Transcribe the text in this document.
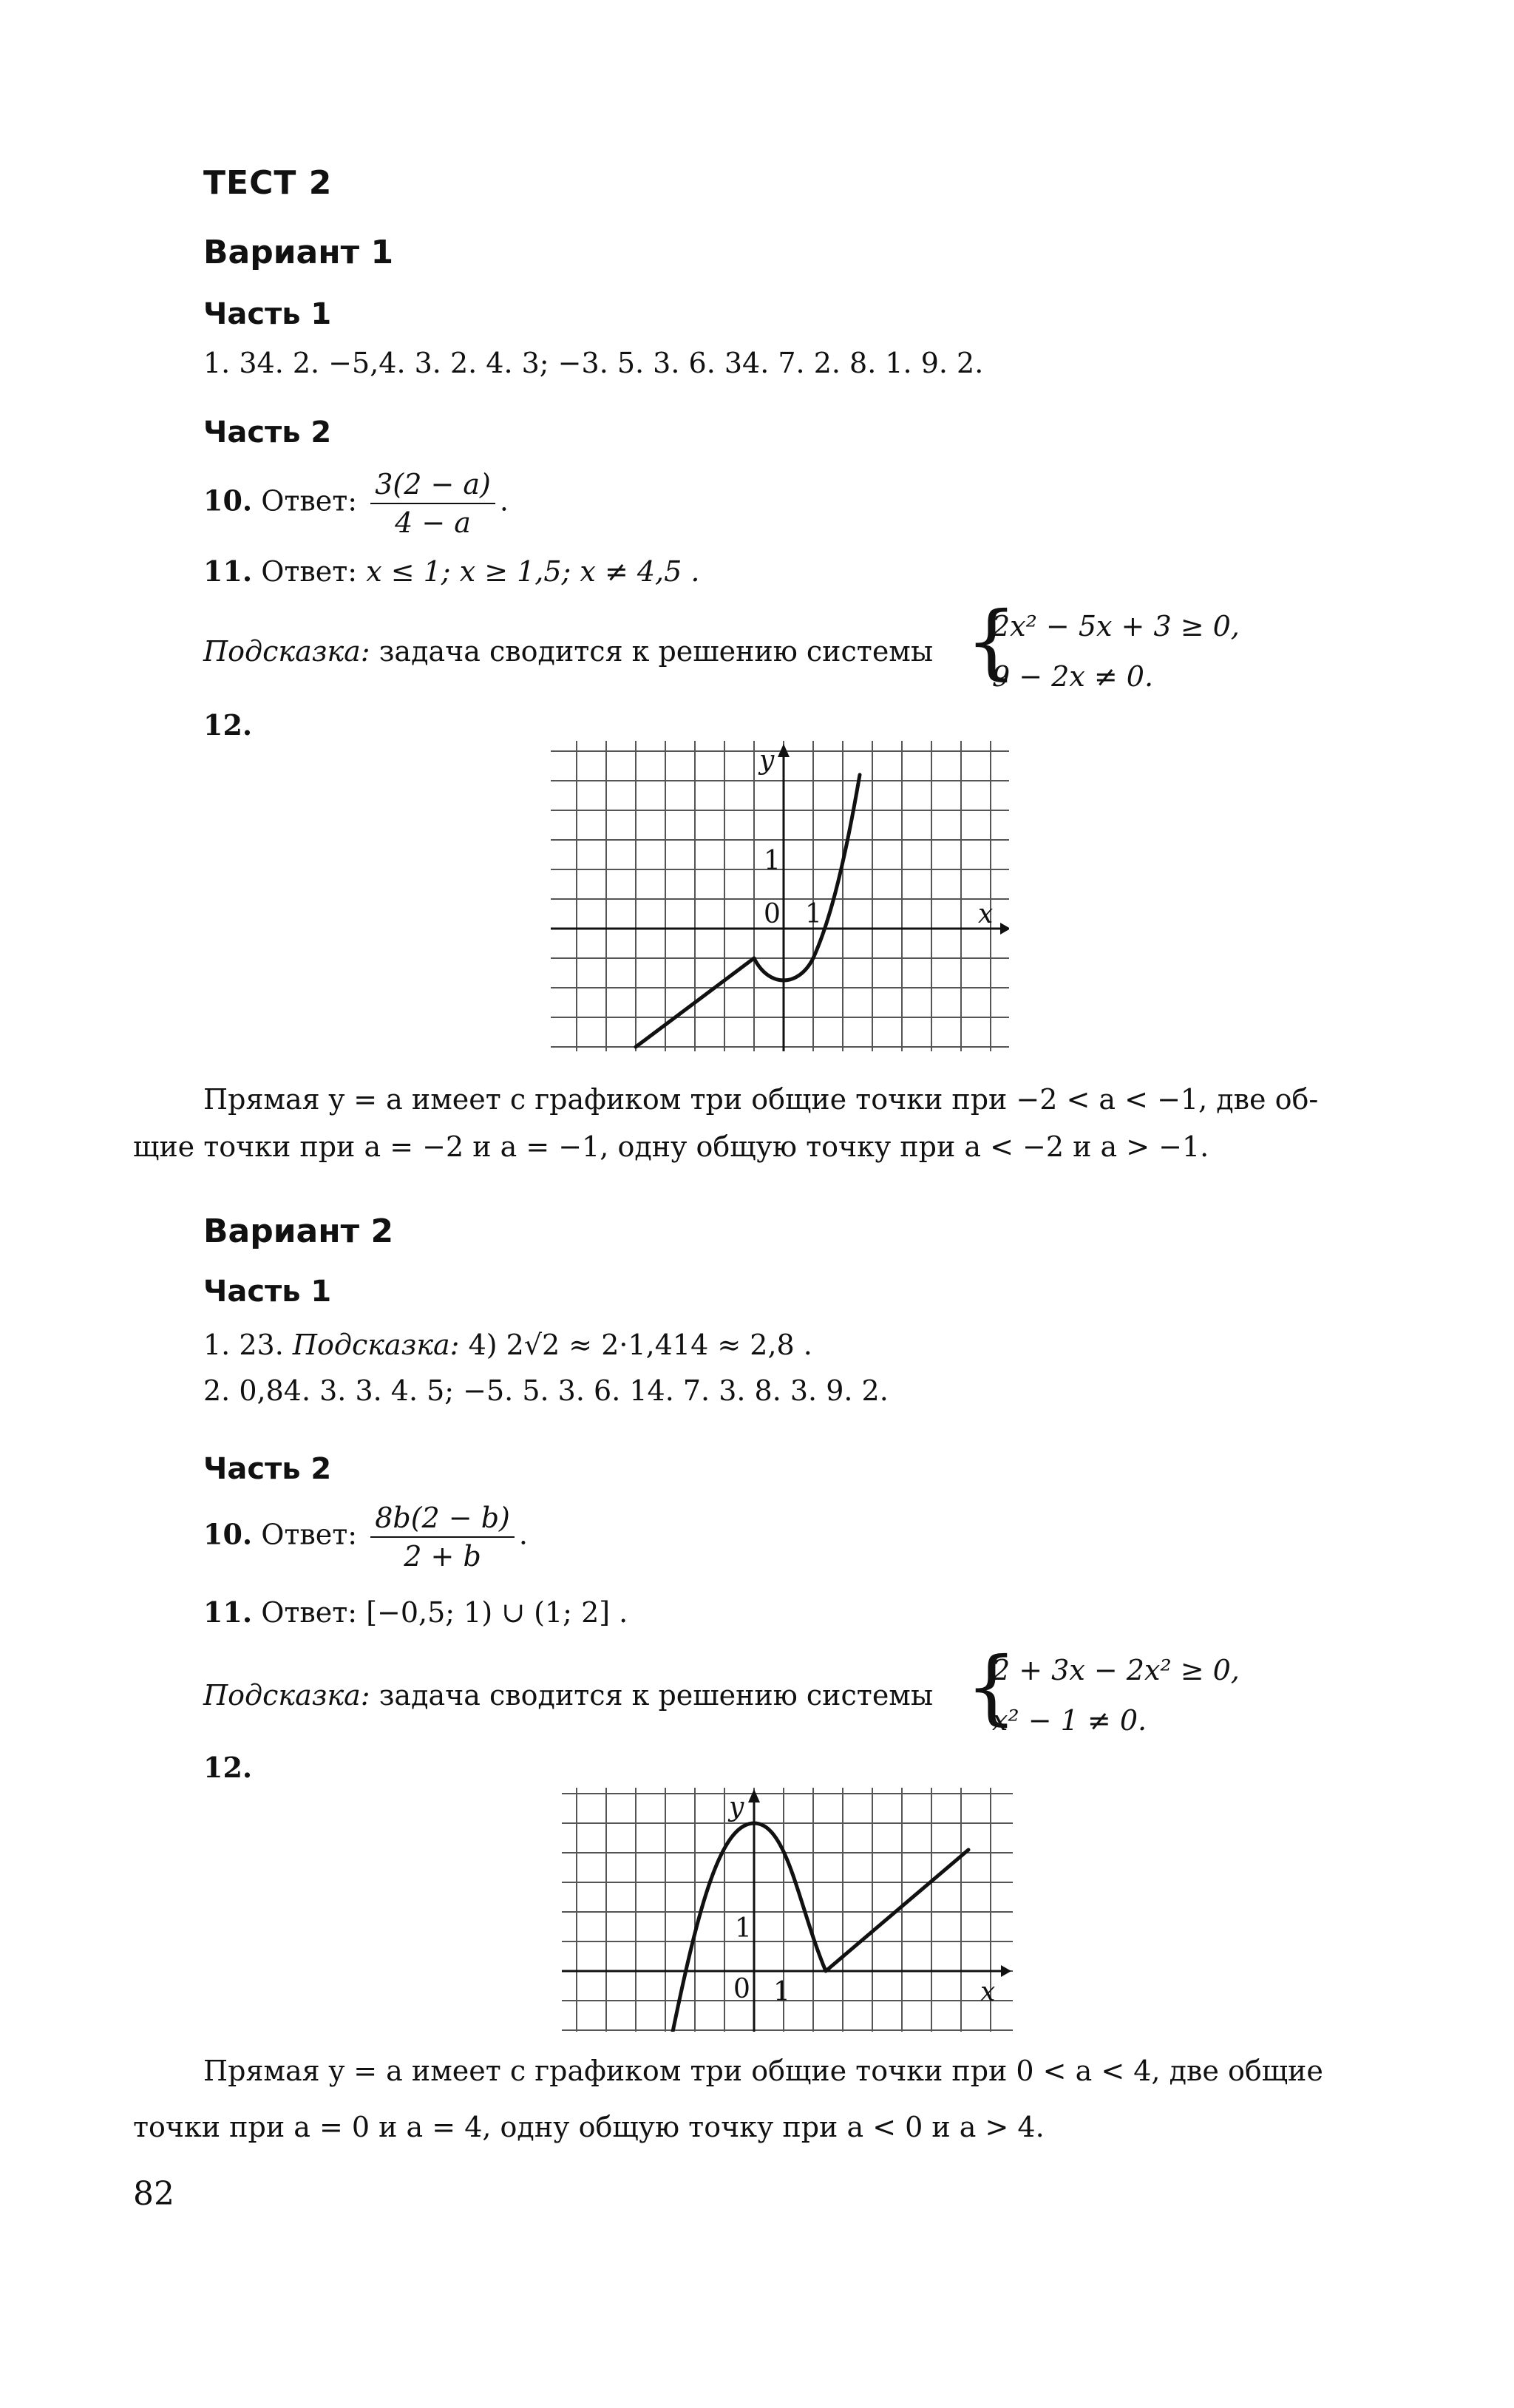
ТЕСТ 2
Вариант 1
Часть 1
1. 34. 2. −5,4. 3. 2. 4. 3; −3. 5. 3. 6. 34. 7. 2. 8. 1. 9. 2.
Часть 2
10. Ответ: $\frac{3(2 - a)}{4 - a}$ .
11. Ответ: x ≤ 1; x ≥ 1,5; x ≠ 4,5 .
Подсказка: задача сводится к решению системы {
2x² − 5x + 3 ≥ 0,
9 − 2x ≠ 0.
12.
y
1
0 1	x
Прямая y = a имеет с графиком три общие точки при −2 < a < −1, две об-
щие точки при a = −2 и a = −1, одну общую точку при a < −2 и a > −1.
Вариант 2
Часть 1
1. 23. Подсказка: 4) 2√2 ≈ 2·1,414 ≈ 2,8 .
2. 0,84. 3. 3. 4. 5; −5. 5. 3. 6. 14. 7. 3. 8. 3. 9. 2.
Часть 2
10. Ответ: $\frac{8b(2 - b)}{2 + b}$ .
11. Ответ: [−0,5; 1) ∪ (1; 2] .
Подсказка: задача сводится к решению системы {
2 + 3x − 2x² ≥ 0,
x² − 1 ≠ 0.
12.
y
1
0 1	x
Прямая y = a имеет с графиком три общие точки при 0 < a < 4, две общие
точки при a = 0 и a = 4, одну общую точку при a < 0 и a > 4.
82
